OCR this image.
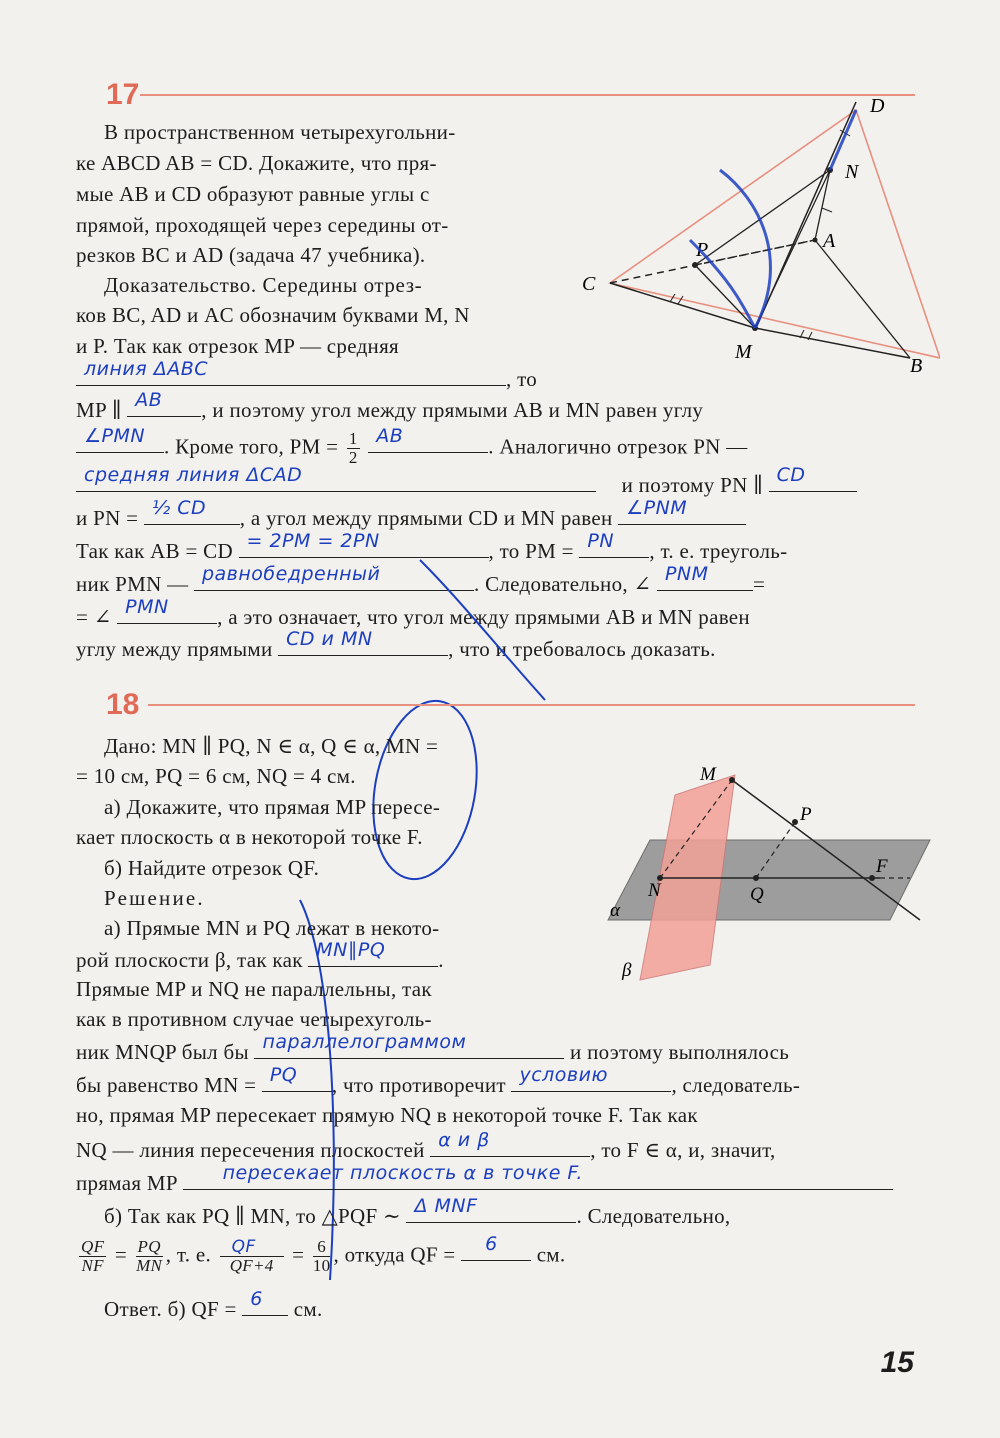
17
В пространственном четырехугольни-
ке ABCD AB = CD. Докажите, что пря-
мые AB и CD образуют равные углы с
прямой, проходящей через середины от-
резков BC и AD (задача 47 учебника).
Доказательство. Середины отрез-
ков BC, AD и AC обозначим буквами M, N
и P. Так как отрезок MP — средняя
линия ΔABC	, то
MP ∥ AB , и поэтому угол между прямыми AB и MN равен углу
∠PMN . Кроме того, PM = $\frac{1}{2}$
AB	. Аналогично отрезок PN —
средняя линия ΔCAD	и поэтому PN ∥ CD
и PN = ½ CD , а угол между прямыми CD и MN равен ∠PNM
Так как AB = CD = 2PM = 2PN	, то PM = PN , т. е. треуголь-
ник PMN — равнобедренный	. Следовательно, ∠ PNM =
= ∠ PMN , а это означает, что угол между прямыми AB и MN равен
углу между прямыми CD и MN	, что и требовалось доказать.
D
N
A
P
C
M
B
18
Дано: MN ∥ PQ, N ∈ α, Q ∈ α, MN =
= 10 см, PQ = 6 см, NQ = 4 см.
а) Докажите, что прямая MP пересе-
кает плоскость α в некоторой точке F.
б) Найдите отрезок QF.
Решение.
а) Прямые MN и PQ лежат в некото-
рой плоскости β, так как MN∥PQ	.
Прямые MP и NQ не параллельны, так
как в противном случае четырехуголь-
ник MNQP был бы параллелограммом	и поэтому выполнялось
бы равенство MN = PQ , что противоречит условию	, следователь-
но, прямая MP пересекает прямую NQ в некоторой точке F. Так как
NQ — линия пересечения плоскостей α и β	, то F ∈ α, и, значит,
прямая MP пересекает плоскость α в точке F.
б) Так как PQ ∥ MN, то △PQF ∼ Δ MNF	. Следовательно,
$\frac{QF}{NF} = \frac{PQ}{MN}$ , т. е. $\frac{QF}{QF+4} = \frac{6}{10}$ , откуда QF = 6 см.
Ответ. б) QF = 6 см.
M
P
F
N	Q
α
β
15
